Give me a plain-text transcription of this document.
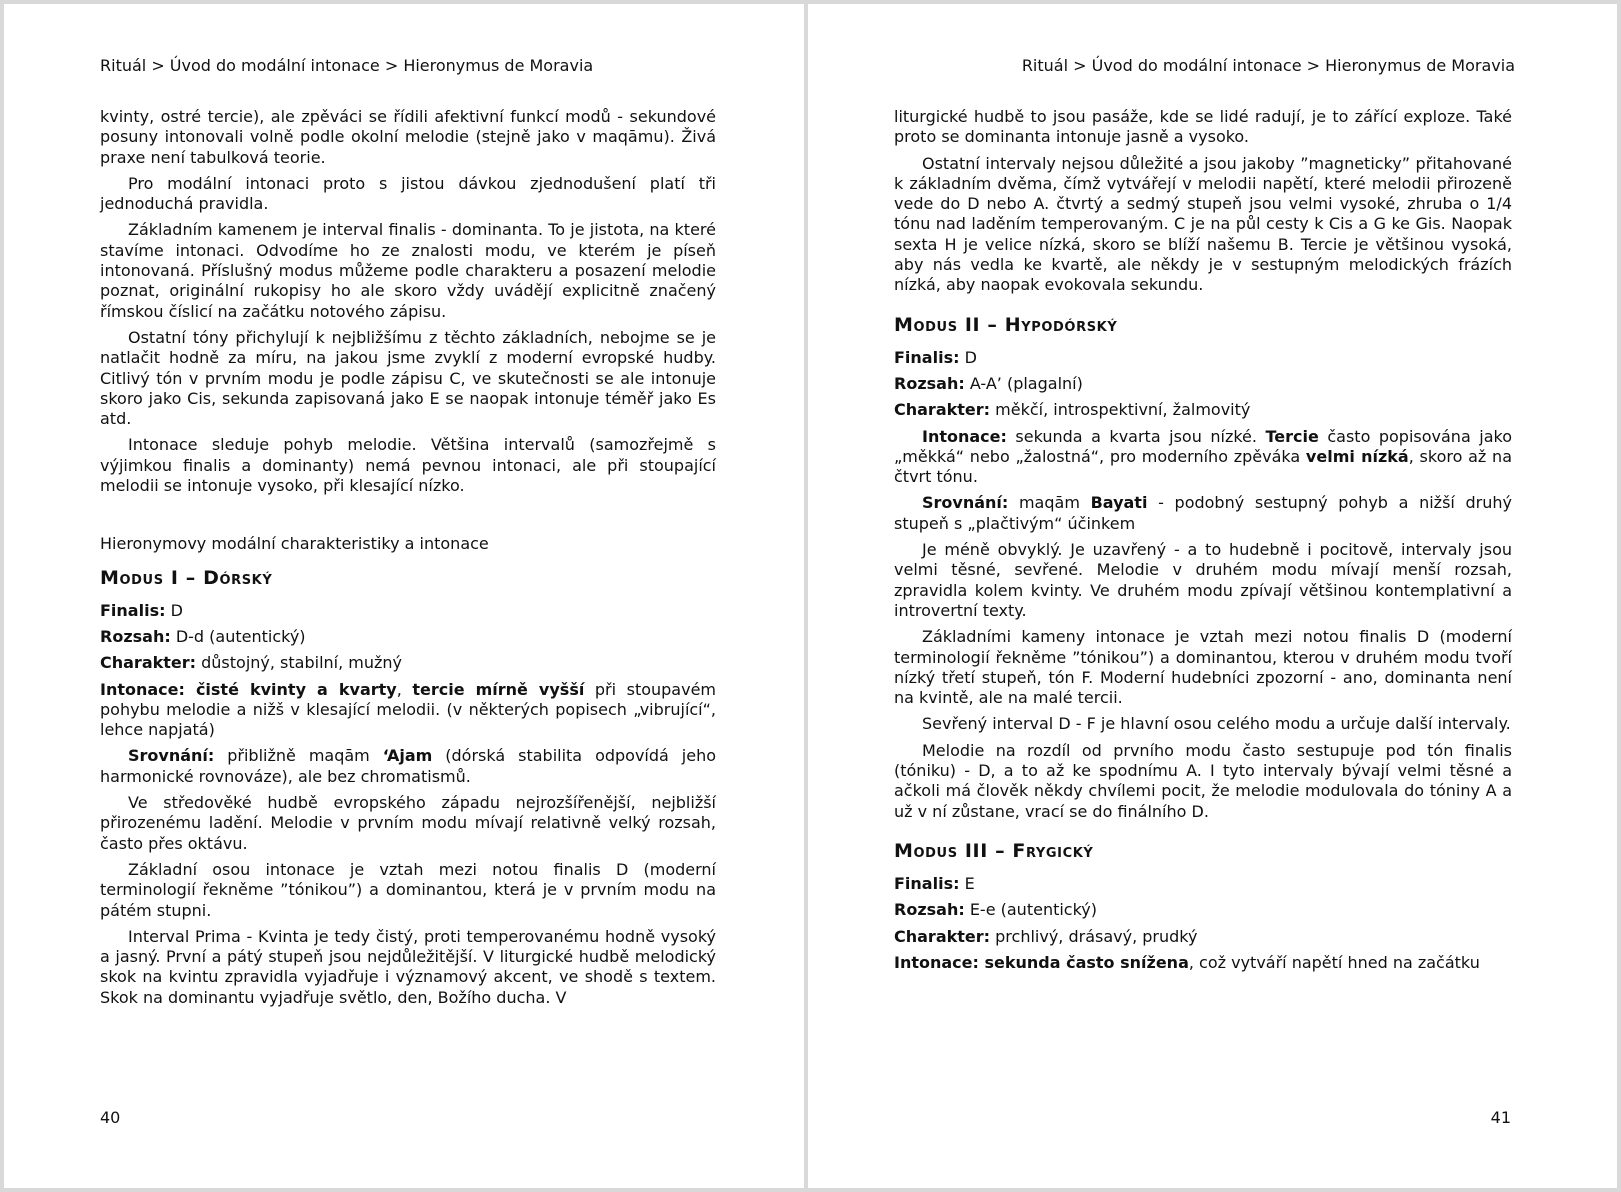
Rituál > Úvod do modální intonace > Hieronymus de Moravia

kvinty, ostré tercie), ale zpěváci se řídili afektivní funkcí modů - sekundové posuny intonovali volně podle okolní melodie (stejně jako v maqāmu). Živá praxe není tabulková teorie.

Pro modální intonaci proto s jistou dávkou zjednodušení platí tři jednoduchá pravidla.

Základním kamenem je interval finalis - dominanta. To je jistota, na které stavíme intonaci. Odvodíme ho ze znalosti modu, ve kterém je píseň intonovaná. Příslušný modus můžeme podle charakteru a posazení melodie poznat, originální rukopisy ho ale skoro vždy uvádějí explicitně značený římskou číslicí na začátku notového zápisu.

Ostatní tóny přichylují k nejbližšímu z těchto základních, nebojme se je natlačit hodně za míru, na jakou jsme zvyklí z moderní evropské hudby. Citlivý tón v prvním modu je podle zápisu C, ve skutečnosti se ale intonuje skoro jako Cis, sekunda zapisovaná jako E se naopak intonuje téměř jako Es atd.

Intonace sleduje pohyb melodie. Většina intervalů (samozřejmě s výjimkou finalis a dominanty) nemá pevnou intonaci, ale při stoupající melodii se intonuje vysoko, při klesající nízko.

Hieronymovy modální charakteristiky a intonace

Modus I – Dórský

Finalis: D

Rozsah: D-d (autentický)

Charakter: důstojný, stabilní, mužný

Intonace: čisté kvinty a kvarty, tercie mírně vyšší při stoupavém pohybu melodie a nižš v klesající melodii. (v některých popisech „vibrující“, lehce napjatá)

Srovnání: přibližně maqām ‘Ajam (dórská stabilita odpovídá jeho harmonické rovnováze), ale bez chromatismů.

Ve středověké hudbě evropského západu nejrozšířenější, nejbližší přirozenému ladění. Melodie v prvním modu mívají relativně velký rozsah, často přes oktávu.

Základní osou intonace je vztah mezi notou finalis D (moderní terminologií řekněme ”tónikou”) a dominantou, která je v prvním modu na pátém stupni.

Interval Prima - Kvinta je tedy čistý, proti temperovanému hodně vysoký a jasný. První a pátý stupeň jsou nejdůležitější. V liturgické hudbě melodický skok na kvintu zpravidla vyjadřuje i významový akcent, ve shodě s textem. Skok na dominantu vyjadřuje světlo, den, Božího ducha. V

40
Rituál > Úvod do modální intonace > Hieronymus de Moravia

liturgické hudbě to jsou pasáže, kde se lidé radují, je to zářící exploze. Také proto se dominanta intonuje jasně a vysoko.

Ostatní intervaly nejsou důležité a jsou jakoby ”magneticky” přitahované k základním dvěma, čímž vytvářejí v melodii napětí, které melodii přirozeně vede do D nebo A. čtvrtý a sedmý stupeň jsou velmi vysoké, zhruba o 1/4 tónu nad laděním temperovaným. C je na půl cesty k Cis a G ke Gis. Naopak sexta H je velice nízká, skoro se blíží našemu B. Tercie je většinou vysoká, aby nás vedla ke kvartě, ale někdy je v sestupným melodických frázích nízká, aby naopak evokovala sekundu.

Modus II – Hypodórský

Finalis: D

Rozsah: A-A’ (plagalní)

Charakter: měkčí, introspektivní, žalmovitý

Intonace: sekunda a kvarta jsou nízké. Tercie často popisována jako „měkká“ nebo „žalostná“, pro moderního zpěváka velmi nízká, skoro až na čtvrt tónu.

Srovnání: maqām Bayati - podobný sestupný pohyb a nižší druhý stupeň s „plačtivým“ účinkem

Je méně obvyklý. Je uzavřený - a to hudebně i pocitově, intervaly jsou velmi těsné, sevřené. Melodie v druhém modu mívají menší rozsah, zpravidla kolem kvinty. Ve druhém modu zpívají většinou kontemplativní a introvertní texty.

Základními kameny intonace je vztah mezi notou finalis D (moderní terminologií řekněme ”tónikou”) a dominantou, kterou v druhém modu tvoří nízký třetí stupeň, tón F. Moderní hudebníci zpozorní - ano, dominanta není na kvintě, ale na malé tercii.

Sevřený interval D - F je hlavní osou celého modu a určuje další intervaly.

Melodie na rozdíl od prvního modu často sestupuje pod tón finalis (tóniku) - D, a to až ke spodnímu A. I tyto intervaly bývají velmi těsné a ačkoli má člověk někdy chvílemi pocit, že melodie modulovala do tóniny A a už v ní zůstane, vrací se do finálního D.

Modus III – Frygický

Finalis: E

Rozsah: E-e (autentický)

Charakter: prchlivý, drásavý, prudký

Intonace: sekunda často snížena, což vytváří napětí hned na začátku

41
